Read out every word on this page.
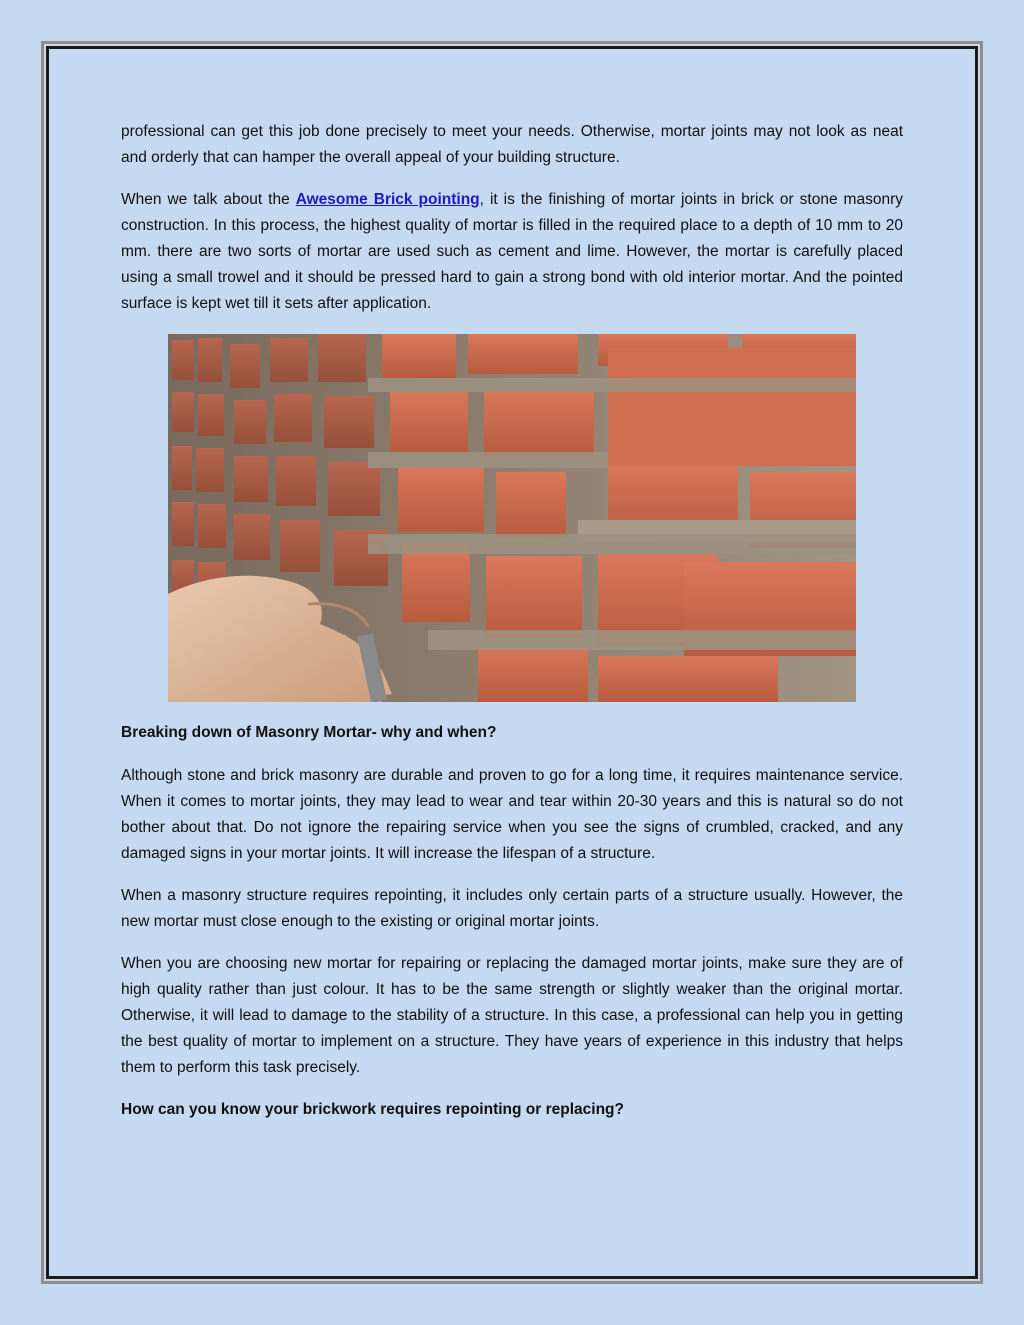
professional can get this job done precisely to meet your needs. Otherwise, mortar joints may not look as neat and orderly that can hamper the overall appeal of your building structure.

When we talk about the Awesome Brick pointing, it is the finishing of mortar joints in brick or stone masonry construction. In this process, the highest quality of mortar is filled in the required place to a depth of 10 mm to 20 mm. there are two sorts of mortar are used such as cement and lime. However, the mortar is carefully placed using a small trowel and it should be pressed hard to gain a strong bond with old interior mortar. And the pointed surface is kept wet till it sets after application.

Breaking down of Masonry Mortar- why and when?

Although stone and brick masonry are durable and proven to go for a long time, it requires maintenance service. When it comes to mortar joints, they may lead to wear and tear within 20-30 years and this is natural so do not bother about that. Do not ignore the repairing service when you see the signs of crumbled, cracked, and any damaged signs in your mortar joints. It will increase the lifespan of a structure.

When a masonry structure requires repointing, it includes only certain parts of a structure usually. However, the new mortar must close enough to the existing or original mortar joints.

When you are choosing new mortar for repairing or replacing the damaged mortar joints, make sure they are of high quality rather than just colour. It has to be the same strength or slightly weaker than the original mortar. Otherwise, it will lead to damage to the stability of a structure. In this case, a professional can help you in getting the best quality of mortar to implement on a structure. They have years of experience in this industry that helps them to perform this task precisely.

How can you know your brickwork requires repointing or replacing?
